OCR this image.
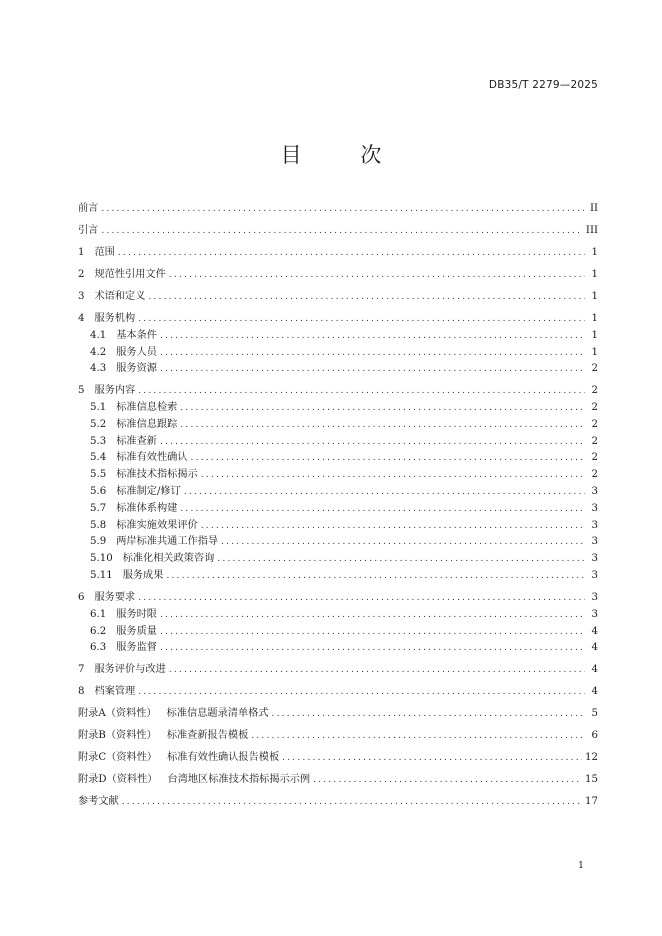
DB35/T 2279—2025
目 次
前言 .....	II
引言 .....	III
1 范围 .....	1
2 规范性引用文件 .....	1
3 术语和定义 .....	1
4 服务机构 .....	1
4.1 基本条件 .....	1
4.2 服务人员 .....	1
4.3 服务资源 .....	2
5 服务内容 .....	2
5.1 标准信息检索 .....	2
5.2 标准信息跟踪 .....	2
5.3 标准查新 .....	2
5.4 标准有效性确认 .....	2
5.5 标准技术指标揭示 .....	2
5.6 标准制定/修订 .....	3
5.7 标准体系构建 .....	3
5.8 标准实施效果评价 .....	3
5.9 两岸标准共通工作指导 .....	3
5.10 标准化相关政策咨询 .....	3
5.11 服务成果 .....	3
6 服务要求 .....	3
6.1 服务时限 .....	3
6.2 服务质量 .....	4
6.3 服务监督 .....	4
7 服务评价与改进 .....	4
8 档案管理 .....	4
附录A（资料性） 标准信息题录清单格式 .....	5
附录B（资料性） 标准查新报告模板 .....	6
附录C（资料性） 标准有效性确认报告模板 .....	12
附录D（资料性） 台湾地区标准技术指标揭示示例 .....	15
参考文献 .....	17
1
